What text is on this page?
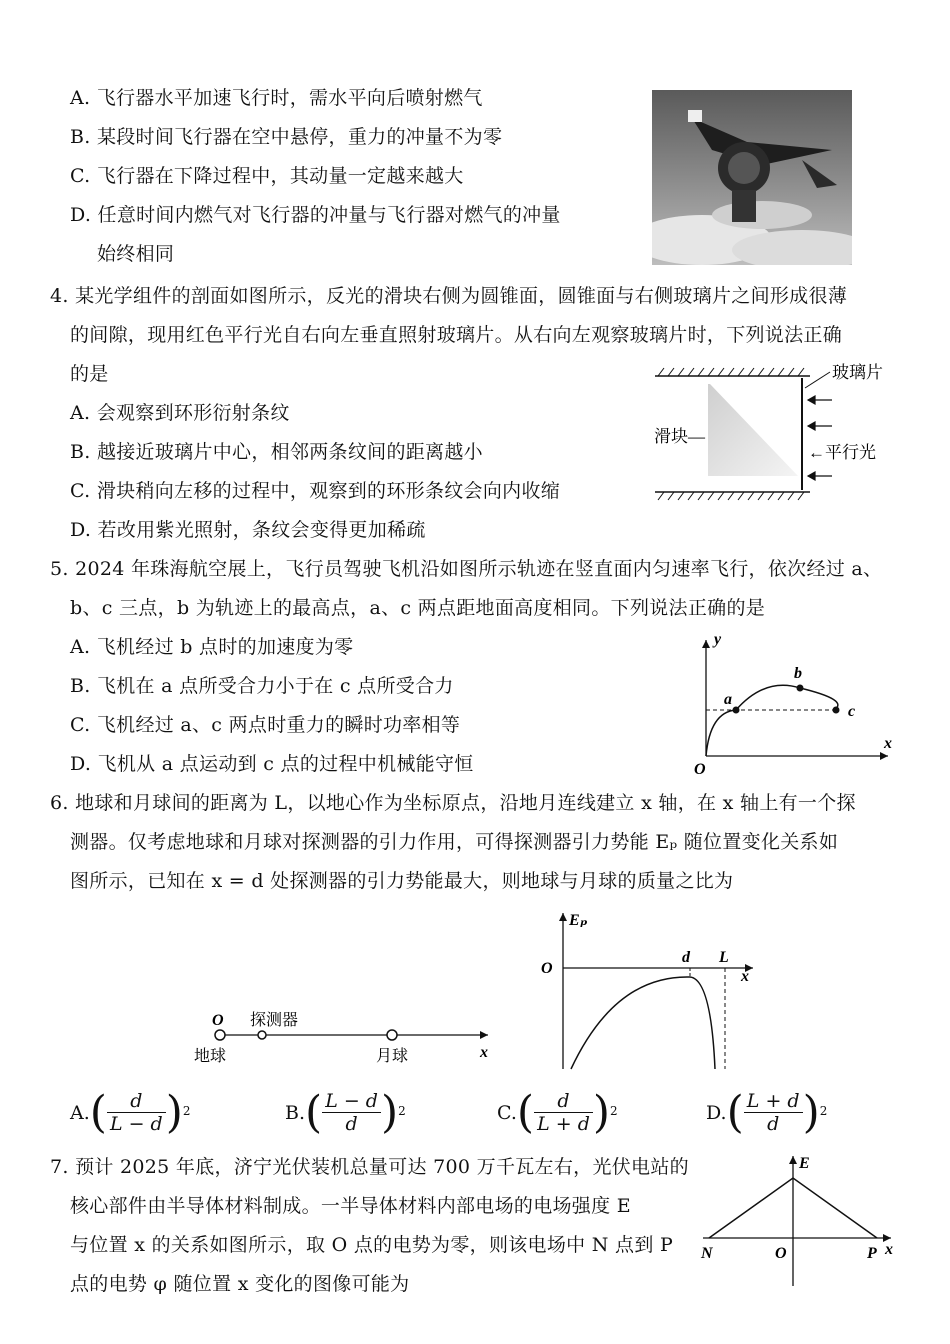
A. 飞行器水平加速飞行时，需水平向后喷射燃气
B. 某段时间飞行器在空中悬停，重力的冲量不为零
C. 飞行器在下降过程中，其动量一定越来越大
D. 任意时间内燃气对飞行器的冲量与飞行器对燃气的冲量
始终相同
4. 某光学组件的剖面如图所示，反光的滑块右侧为圆锥面，圆锥面与右侧玻璃片之间形成很薄
的间隙，现用红色平行光自右向左垂直照射玻璃片。从右向左观察玻璃片时，下列说法正确
的是
A. 会观察到环形衍射条纹
B. 越接近玻璃片中心，相邻两条纹间的距离越小
C. 滑块稍向左移的过程中，观察到的环形条纹会向内收缩
D. 若改用紫光照射，条纹会变得更加稀疏
玻璃片
滑块—
←平行光
5. 2024 年珠海航空展上，飞行员驾驶飞机沿如图所示轨迹在竖直面内匀速率飞行，依次经过 a、
b、c 三点，b 为轨迹上的最高点，a、c 两点距地面高度相同。下列说法正确的是
A. 飞机经过 b 点时的加速度为零
B. 飞机在 a 点所受合力小于在 c 点所受合力
C. 飞机经过 a、c 两点时重力的瞬时功率相等
D. 飞机从 a 点运动到 c 点的过程中机械能守恒
y
x
O
a
b
c
6. 地球和月球间的距离为 L，以地心作为坐标原点，沿地月连线建立 x 轴，在 x 轴上有一个探
测器。仅考虑地球和月球对探测器的引力作用，可得探测器引力势能 Eₚ 随位置变化关系如
图所示，已知在 x = d 处探测器的引力势能最大，则地球与月球的质量之比为
O 探测器
地球	月球	x
Eₚ
O
d L
x
A. ( $\frac{d}{L - d}$ ) 2	B. ( $\frac{L - d}{d}$ ) 2	C. ( $\frac{d}{L + d}$ ) 2	D. ( $\frac{L + d}{d}$ ) 2
7. 预计 2025 年底，济宁光伏装机总量可达 700 万千瓦左右，光伏电站的
核心部件由半导体材料制成。一半导体材料内部电场的电场强度 E
与位置 x 的关系如图所示，取 O 点的电势为零，则该电场中 N 点到 P
点的电势 φ 随位置 x 变化的图像可能为
E
N	O	P x
